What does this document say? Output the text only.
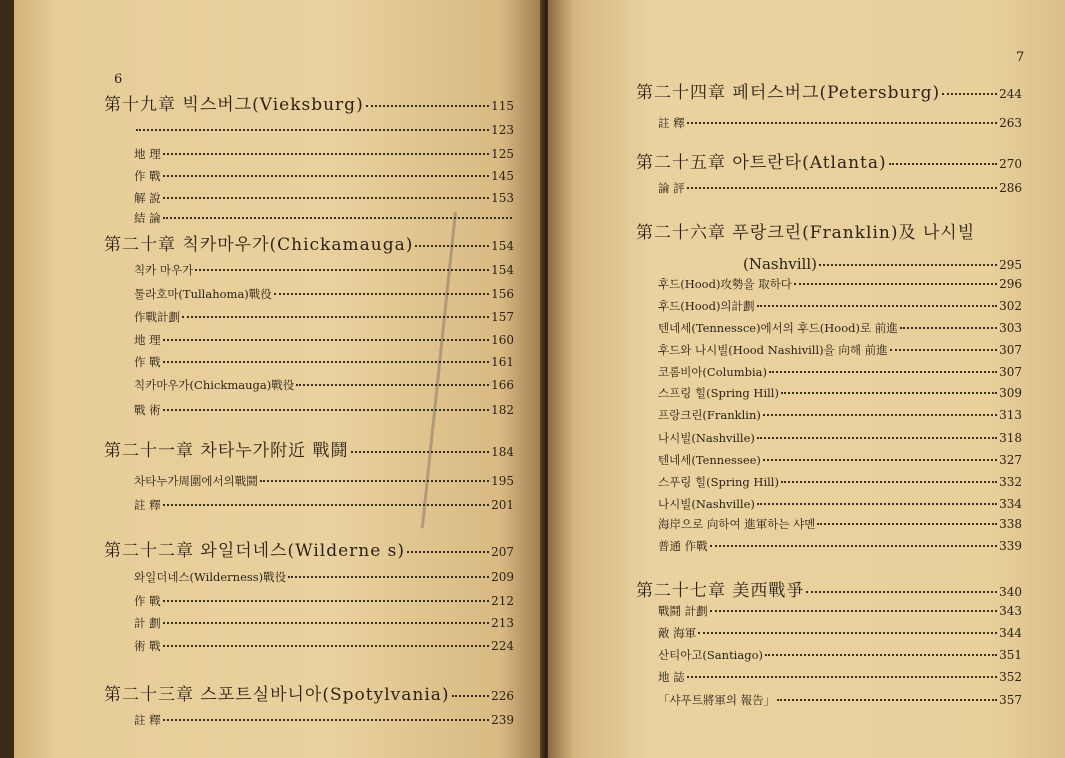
6
第十九章 빅스버그(Vieksburg)	115
123
地 理	125
作 戰	145
解 說	153
結 論
第二十章 칙카마우가(Chickamauga)	154
칙카 마우가	154
툴라호마(Tullahoma)戰役	156
作戰計劃	157
地 理	160
作 戰	161
칙카마우가(Chickmauga)戰役	166
戰 術	182
第二十一章 차타누가附近 戰鬪	184
차타누가周圍에서의戰鬪	195
註 釋	201
第二十二章 와일더네스(Wilderne s)	207
와일더네스(Wilderness)戰役	209
作 戰	212
計 劃	213
術 戰	224
第二十三章 스포트실바니아(Spotylvania)	226
註 釋	239
7
第二十四章 페터스버그(Petersburg)	244
註 釋	263
第二十五章 아트란타(Atlanta)	270
論 評	286
第二十六章 푸랑크린(Franklin)及 나시빌
(Nashvill)	295
후드(Hood)攻勢을 取하다	296
후드(Hood)의計劃	302
텐네세(Tennessce)에서의 후드(Hood)로 前進	303
후드와 나시빌(Hood Nashivill)을 向해 前進	307
코롬비아(Columbia)	307
스프링 힐(Spring Hill)	309
프랑크린(Franklin)	313
나시빌(Nashville)	318
텐네세(Tennessee)	327
스푸링 힐(Spring Hill)	332
나시빌(Nashville)	334
海岸으로 向하여 進軍하는 샤멘	338
普通 作戰	339
第二十七章 美西戰爭	340
戰鬪 計劃	343
敵 海軍	344
산티아고(Santiago)	351
地 誌	352
「샤푸트將軍의 報告」	357
